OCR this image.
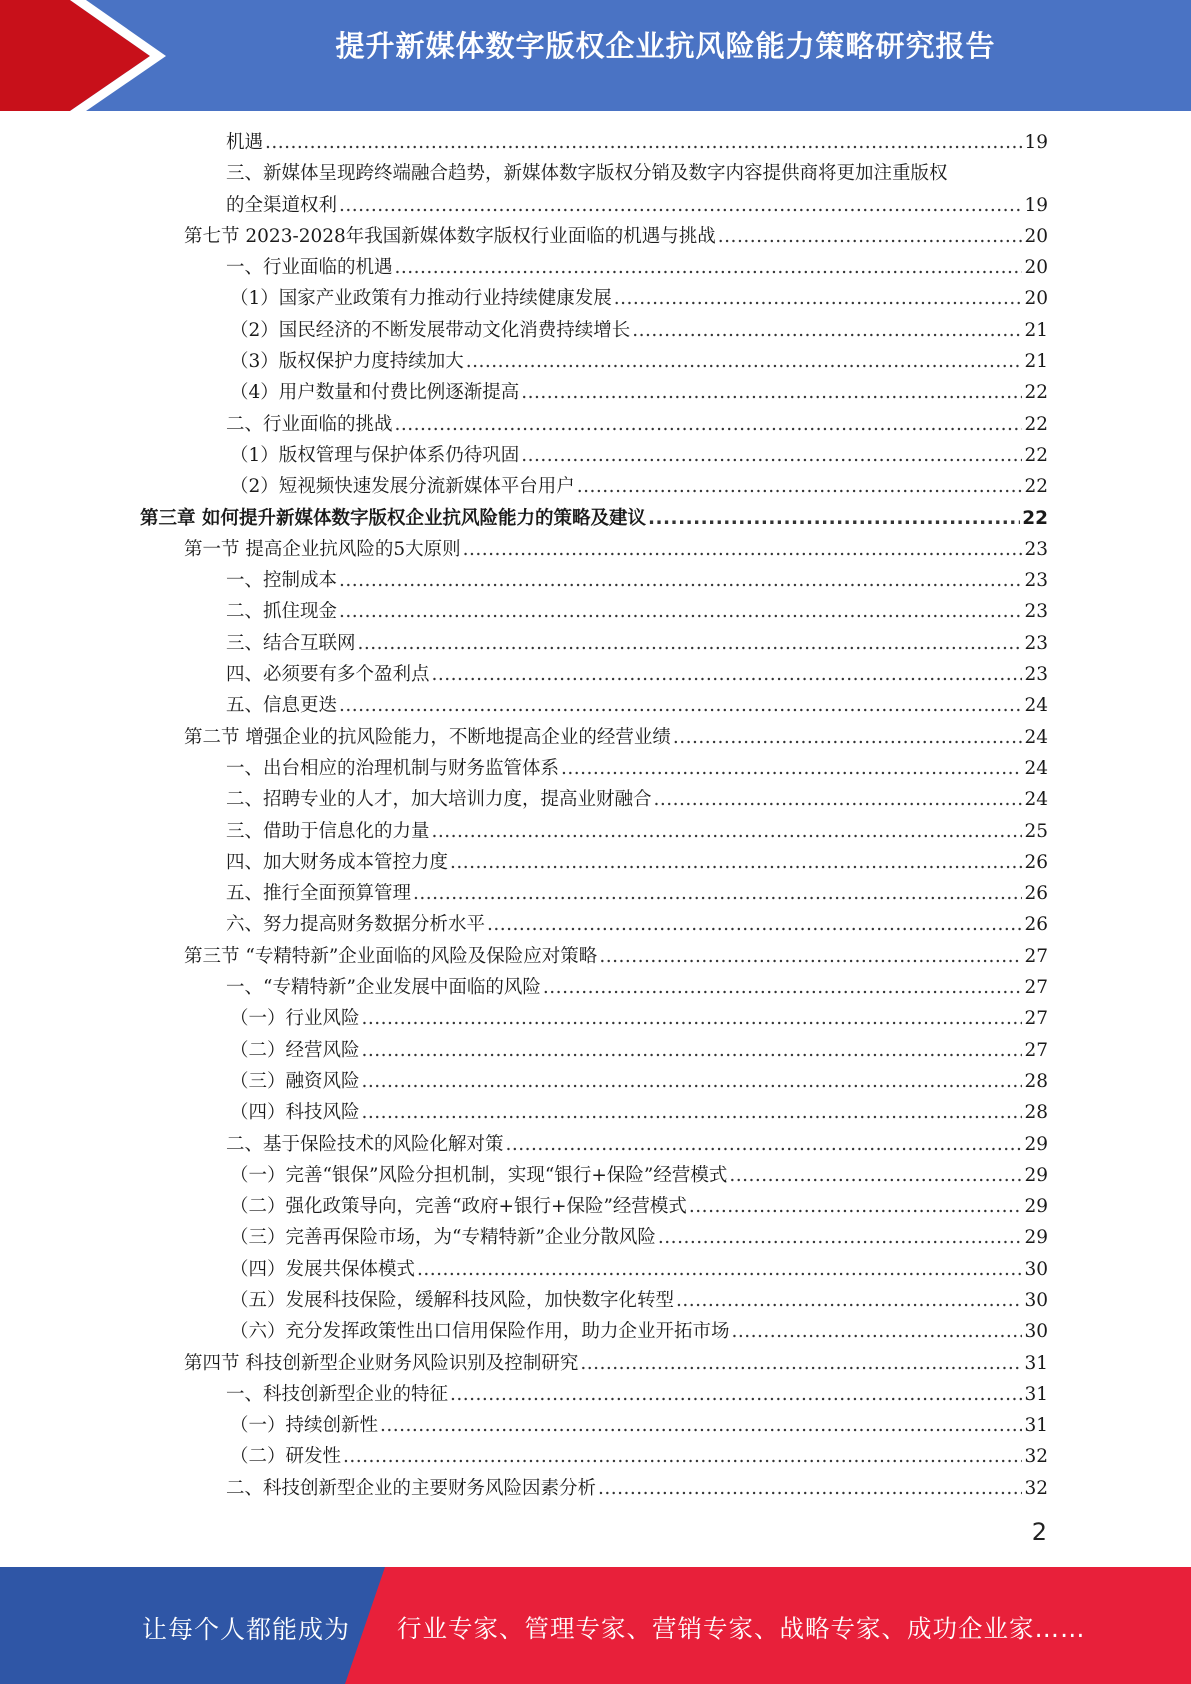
提升新媒体数字版权企业抗风险能力策略研究报告
机遇 .....	19
三、新媒体呈现跨终端融合趋势，新媒体数字版权分销及数字内容提供商将更加注重版权
的全渠道权利 .....	19
第七节 2023-2028年我国新媒体数字版权行业面临的机遇与挑战 .....	20
一、行业面临的机遇 .....	20
（1）国家产业政策有力推动行业持续健康发展 .....	20
（2）国民经济的不断发展带动文化消费持续增长 .....	21
（3）版权保护力度持续加大 .....	21
（4）用户数量和付费比例逐渐提高 .....	22
二、行业面临的挑战 .....	22
（1）版权管理与保护体系仍待巩固 .....	22
（2）短视频快速发展分流新媒体平台用户 .....	22
第三章 如何提升新媒体数字版权企业抗风险能力的策略及建议 .....	22
第一节 提高企业抗风险的5大原则 .....	23
一、控制成本 .....	23
二、抓住现金 .....	23
三、结合互联网 .....	23
四、必须要有多个盈利点 .....	23
五、信息更迭 .....	24
第二节 增强企业的抗风险能力，不断地提高企业的经营业绩 .....	24
一、出台相应的治理机制与财务监管体系 .....	24
二、招聘专业的人才，加大培训力度，提高业财融合 .....	24
三、借助于信息化的力量 .....	25
四、加大财务成本管控力度 .....	26
五、推行全面预算管理 .....	26
六、努力提高财务数据分析水平 .....	26
第三节 “专精特新”企业面临的风险及保险应对策略 .....	27
一、“专精特新”企业发展中面临的风险 .....	27
（一）行业风险 .....	27
（二）经营风险 .....	27
（三）融资风险 .....	28
（四）科技风险 .....	28
二、基于保险技术的风险化解对策 .....	29
（一）完善“银保”风险分担机制，实现“银行+保险”经营模式 .....	29
（二）强化政策导向，完善“政府+银行+保险”经营模式 .....	29
（三）完善再保险市场，为“专精特新”企业分散风险 .....	29
（四）发展共保体模式 .....	30
（五）发展科技保险，缓解科技风险，加快数字化转型 .....	30
（六）充分发挥政策性出口信用保险作用，助力企业开拓市场 .....	30
第四节 科技创新型企业财务风险识别及控制研究 .....	31
一、科技创新型企业的特征 .....	31
（一）持续创新性 .....	31
（二）研发性 .....	32
二、科技创新型企业的主要财务风险因素分析 .....	32
2
让每个人都能成为 行业专家、管理专家、营销专家、战略专家、成功企业家……
